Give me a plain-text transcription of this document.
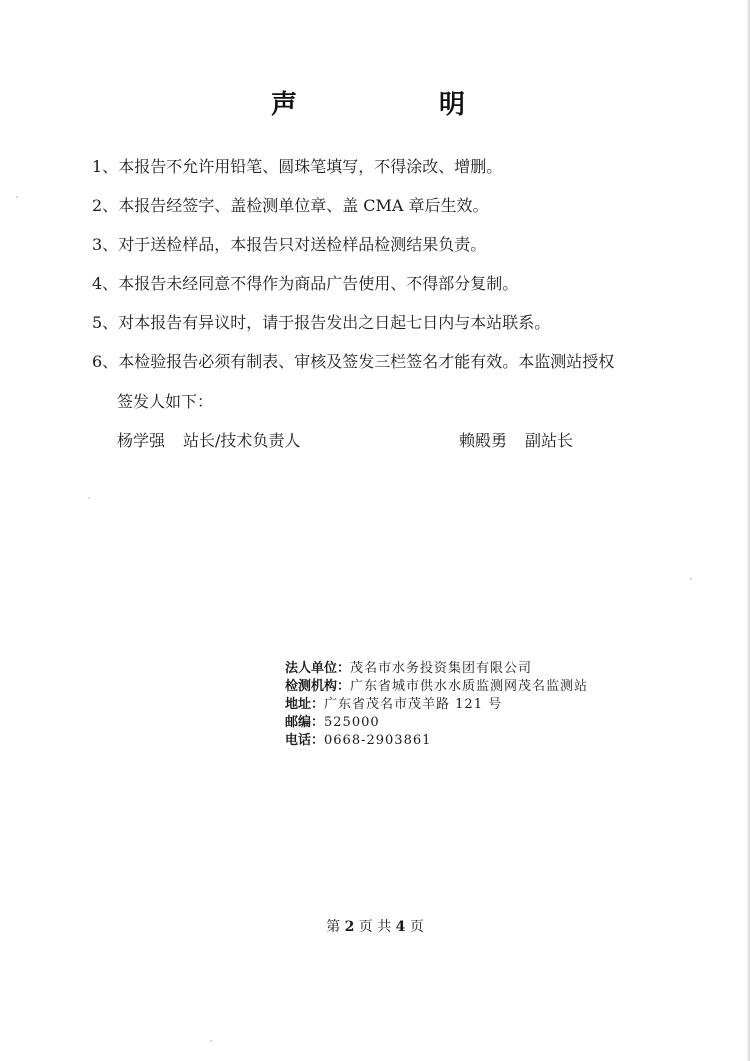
声　明
1、本报告不允许用铅笔、圆珠笔填写，不得涂改、增删。
2、本报告经签字、盖检测单位章、盖 CMA 章后生效。
3、对于送检样品，本报告只对送检样品检测结果负责。
4、本报告未经同意不得作为商品广告使用、不得部分复制。
5、对本报告有异议时，请于报告发出之日起七日内与本站联系。
6、本检验报告必须有制表、审核及签发三栏签名才能有效。本监测站授权
签发人如下：
杨学强 站长/技术负责人	赖殿勇 副站长
法人单位：茂名市水务投资集团有限公司
检测机构：广东省城市供水水质监测网茂名监测站
地址：广东省茂名市茂羊路 121 号
邮编：525000
电话：0668-2903861
第 2 页 共 4 页
